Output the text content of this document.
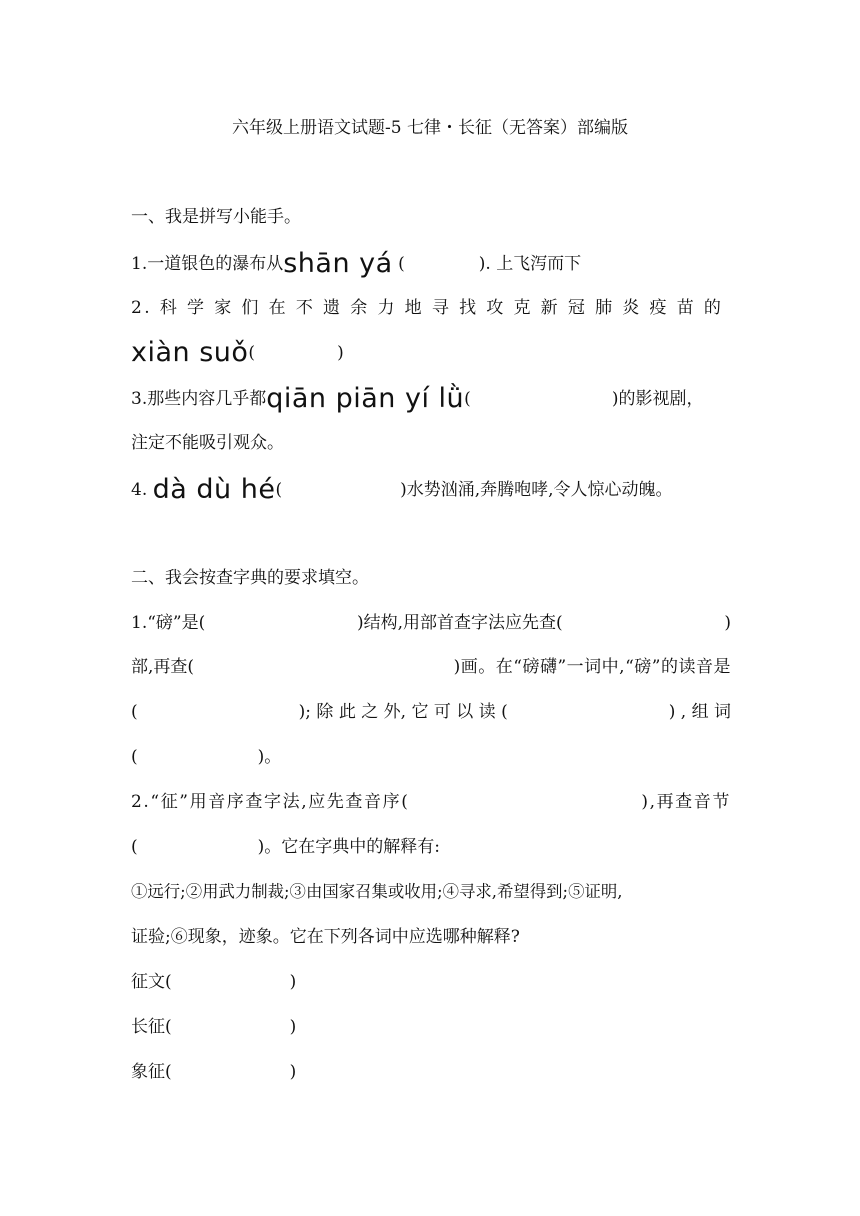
六年级上册语文试题-5 七律・长征（无答案）部编版
一、我是拼写小能手。
1.一道银色的瀑布从shān yá (	). 上飞泻而下
2. 科 学 家 们 在 不 遗 余 力 地 寻 找 攻 克 新 冠 肺 炎 疫 苗 的
xiàn suǒ(	)
3.那些内容几乎都qiān piān yí lǜ(	)的影视剧，
注定不能吸引观众。
4. dà dù hé(	)水势汹涌,奔腾咆哮,令人惊心动魄。
二、我会按查字典的要求填空。
1.“磅”是(	)结构,用部首查字法应先查(	)
部,再查(	)画。在“磅礴”一词中,“磅”的读音是
(	); 除 此 之 外, 它 可 以 读 (	) , 组 词
(	)。
2.“征”用音序查字法,应先查音序(	),再查音节
(	)。它在字典中的解释有:
①远行;②用武力制裁;③由国家召集或收用;④寻求,希望得到;⑤证明,
证验;⑥现象，迹象。它在下列各词中应选哪种解释?
征文(	)
长征(	)
象征(	)
